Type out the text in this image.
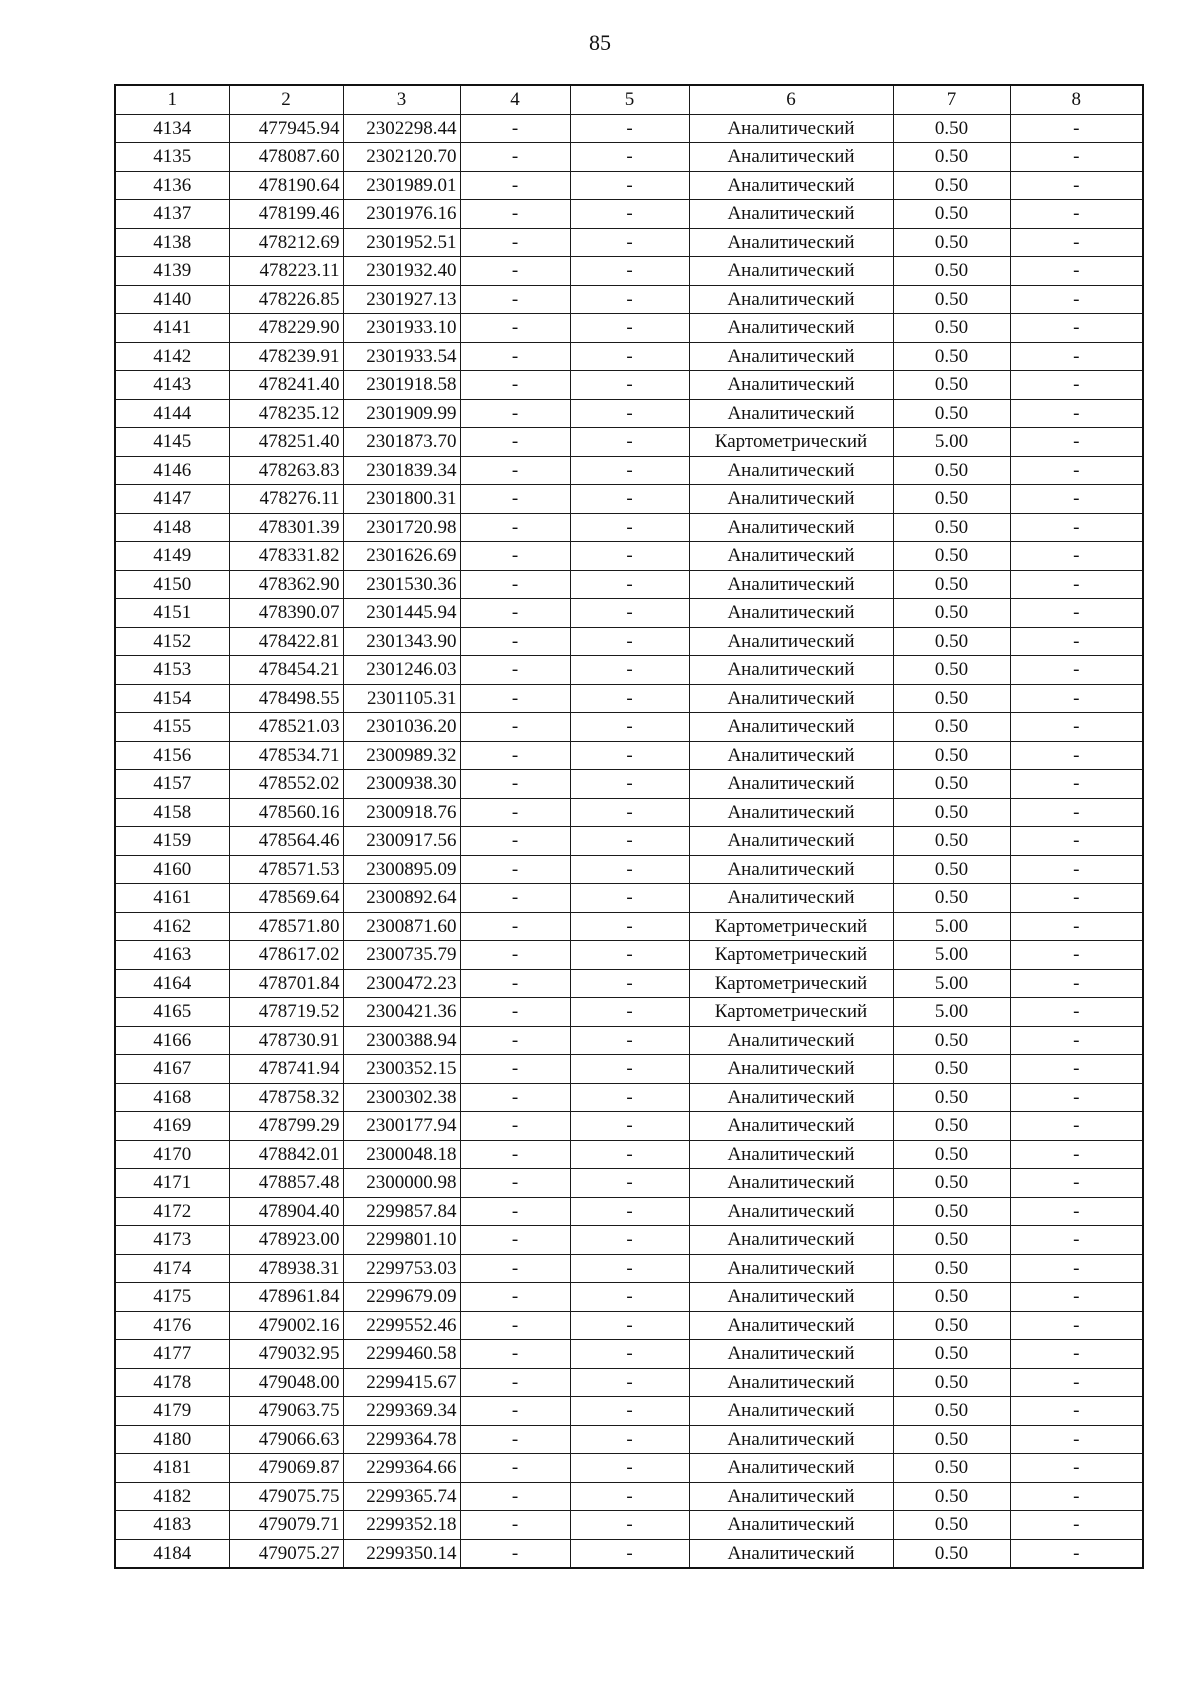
85
1	2	3	4	5	6	7	8
4134	477945.94	2302298.44	-	-	Аналитический	0.50	-
4135	478087.60	2302120.70	-	-	Аналитический	0.50	-
4136	478190.64	2301989.01	-	-	Аналитический	0.50	-
4137	478199.46	2301976.16	-	-	Аналитический	0.50	-
4138	478212.69	2301952.51	-	-	Аналитический	0.50	-
4139	478223.11	2301932.40	-	-	Аналитический	0.50	-
4140	478226.85	2301927.13	-	-	Аналитический	0.50	-
4141	478229.90	2301933.10	-	-	Аналитический	0.50	-
4142	478239.91	2301933.54	-	-	Аналитический	0.50	-
4143	478241.40	2301918.58	-	-	Аналитический	0.50	-
4144	478235.12	2301909.99	-	-	Аналитический	0.50	-
4145	478251.40	2301873.70	-	-	Картометрический	5.00	-
4146	478263.83	2301839.34	-	-	Аналитический	0.50	-
4147	478276.11	2301800.31	-	-	Аналитический	0.50	-
4148	478301.39	2301720.98	-	-	Аналитический	0.50	-
4149	478331.82	2301626.69	-	-	Аналитический	0.50	-
4150	478362.90	2301530.36	-	-	Аналитический	0.50	-
4151	478390.07	2301445.94	-	-	Аналитический	0.50	-
4152	478422.81	2301343.90	-	-	Аналитический	0.50	-
4153	478454.21	2301246.03	-	-	Аналитический	0.50	-
4154	478498.55	2301105.31	-	-	Аналитический	0.50	-
4155	478521.03	2301036.20	-	-	Аналитический	0.50	-
4156	478534.71	2300989.32	-	-	Аналитический	0.50	-
4157	478552.02	2300938.30	-	-	Аналитический	0.50	-
4158	478560.16	2300918.76	-	-	Аналитический	0.50	-
4159	478564.46	2300917.56	-	-	Аналитический	0.50	-
4160	478571.53	2300895.09	-	-	Аналитический	0.50	-
4161	478569.64	2300892.64	-	-	Аналитический	0.50	-
4162	478571.80	2300871.60	-	-	Картометрический	5.00	-
4163	478617.02	2300735.79	-	-	Картометрический	5.00	-
4164	478701.84	2300472.23	-	-	Картометрический	5.00	-
4165	478719.52	2300421.36	-	-	Картометрический	5.00	-
4166	478730.91	2300388.94	-	-	Аналитический	0.50	-
4167	478741.94	2300352.15	-	-	Аналитический	0.50	-
4168	478758.32	2300302.38	-	-	Аналитический	0.50	-
4169	478799.29	2300177.94	-	-	Аналитический	0.50	-
4170	478842.01	2300048.18	-	-	Аналитический	0.50	-
4171	478857.48	2300000.98	-	-	Аналитический	0.50	-
4172	478904.40	2299857.84	-	-	Аналитический	0.50	-
4173	478923.00	2299801.10	-	-	Аналитический	0.50	-
4174	478938.31	2299753.03	-	-	Аналитический	0.50	-
4175	478961.84	2299679.09	-	-	Аналитический	0.50	-
4176	479002.16	2299552.46	-	-	Аналитический	0.50	-
4177	479032.95	2299460.58	-	-	Аналитический	0.50	-
4178	479048.00	2299415.67	-	-	Аналитический	0.50	-
4179	479063.75	2299369.34	-	-	Аналитический	0.50	-
4180	479066.63	2299364.78	-	-	Аналитический	0.50	-
4181	479069.87	2299364.66	-	-	Аналитический	0.50	-
4182	479075.75	2299365.74	-	-	Аналитический	0.50	-
4183	479079.71	2299352.18	-	-	Аналитический	0.50	-
4184	479075.27	2299350.14	-	-	Аналитический	0.50	-
